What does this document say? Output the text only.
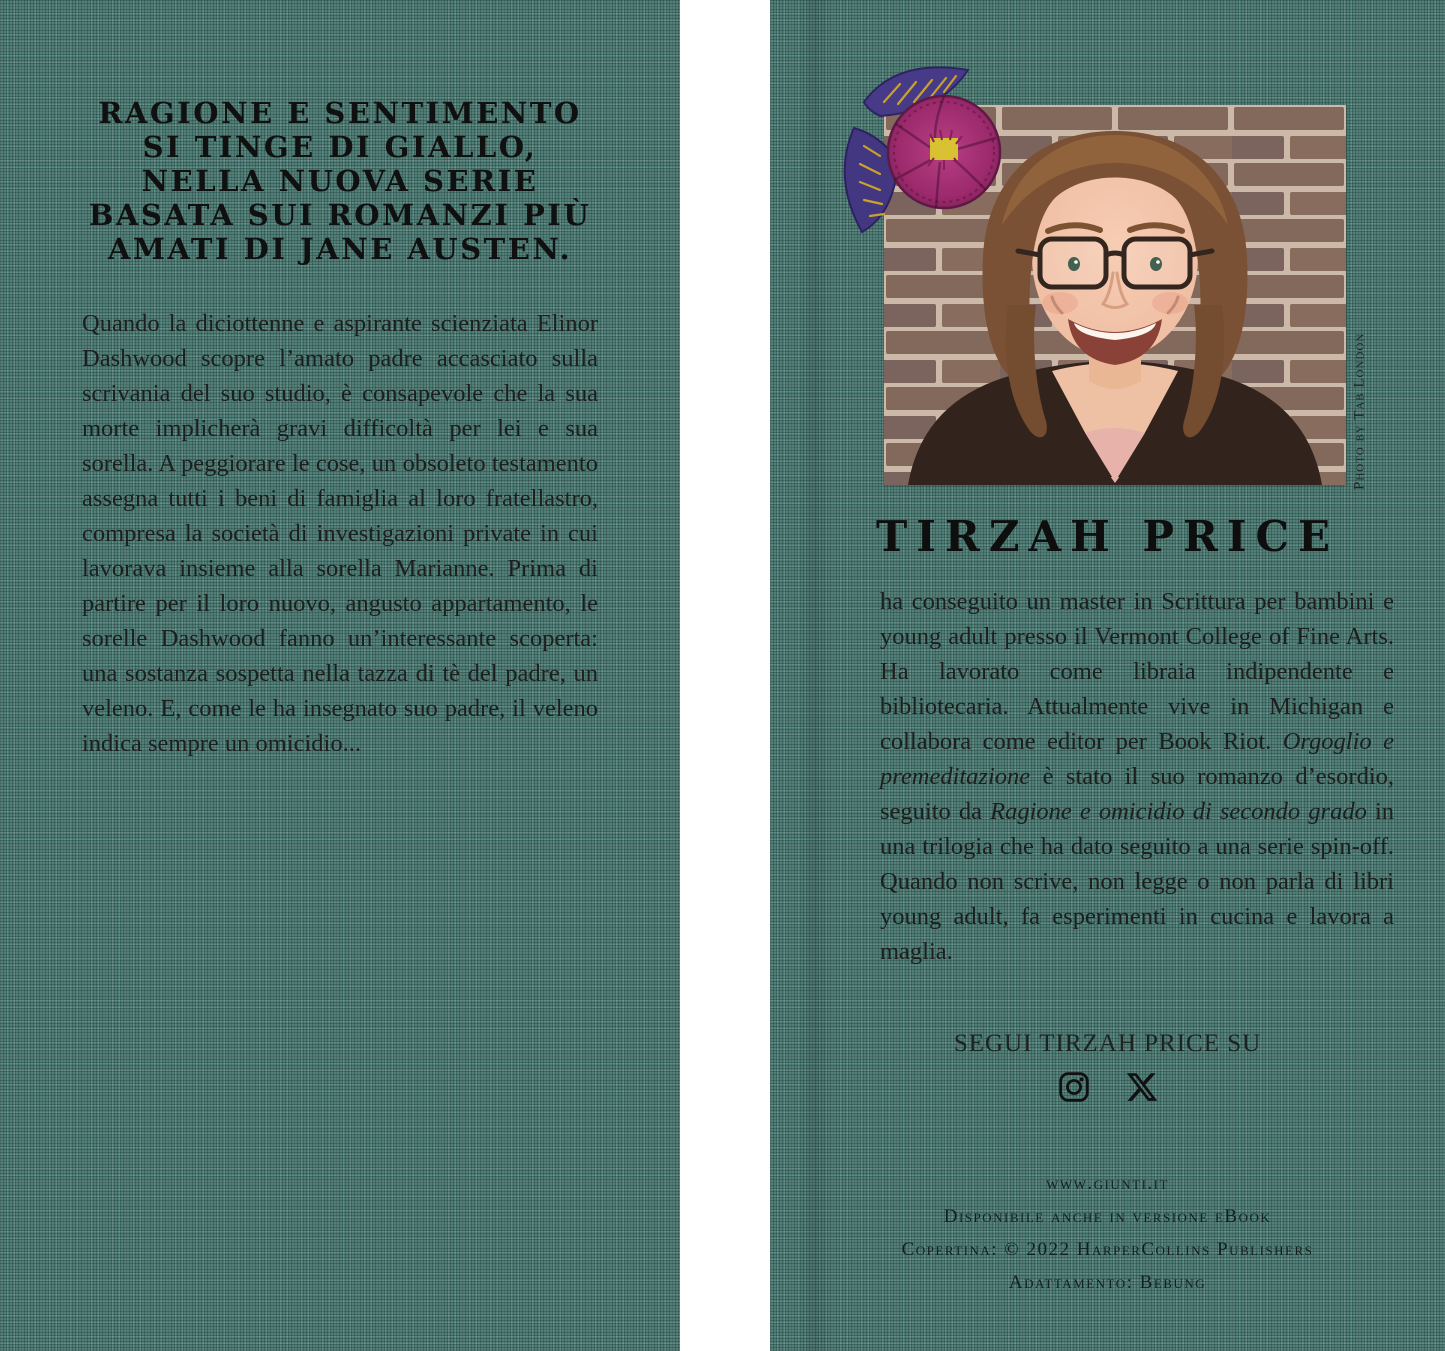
RAGIONE E SENTIMENTO
SI TINGE DI GIALLO,
NELLA NUOVA SERIE
BASATA SUI ROMANZI PIÙ
AMATI DI JANE AUSTEN.
Quando la diciottenne e aspirante scienziata Elinor Dashwood scopre l’amato padre accasciato sulla scrivania del suo studio, è consapevole che la sua morte implicherà gravi difficoltà per lei e sua sorella. A peggiorare le cose, un obsoleto testamento assegna tutti i beni di famiglia al loro fratellastro, compresa la società di investigazioni private in cui lavorava insieme alla sorella Marianne. Prima di partire per il loro nuovo, angusto appartamento, le sorelle Dashwood fanno un’interessante scoperta: una sostanza sospetta nella tazza di tè del padre, un veleno. E, come le ha insegnato suo padre, il veleno indica sempre un omicidio...
Photo by Tab London
TIRZAH PRICE
ha conseguito un master in Scrittura per bambini e young adult presso il Vermont College of Fine Arts. Ha lavorato come libraia indipendente e bibliotecaria. Attualmente vive in Michigan e collabora come editor per Book Riot. Orgoglio e premeditazione è stato il suo romanzo d’esordio, seguito da Ragione e omicidio di secondo grado in una trilogia che ha dato seguito a una serie spin-off. Quando non scrive, non legge o non parla di libri young adult, fa esperimenti in cucina e lavora a maglia.
SEGUI TIRZAH PRICE SU
www.giunti.it
Disponibile anche in versione eBook
Copertina: © 2022 HarperCollins Publishers
Adattamento: Bebung
